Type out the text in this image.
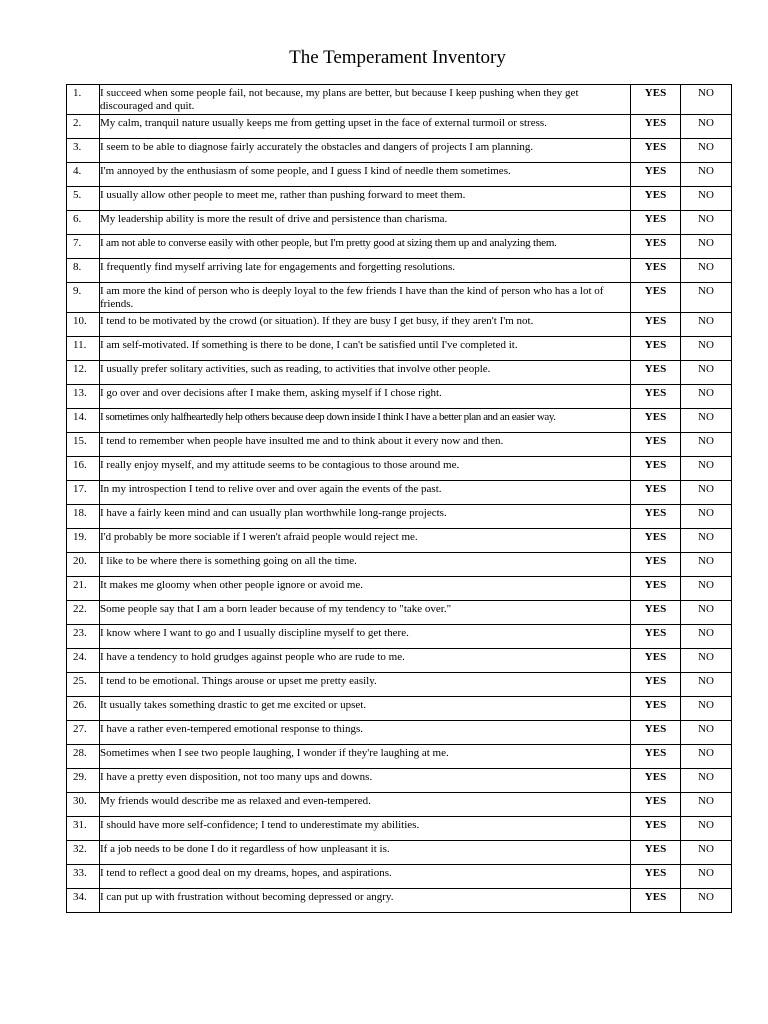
The Temperament Inventory
1.	I succeed when some people fail, not because, my plans are better, but because I keep pushing when they get discouraged and quit.	YES	NO
2.	My calm, tranquil nature usually keeps me from getting upset in the face of external turmoil or stress.	YES	NO
3.	I seem to be able to diagnose fairly accurately the obstacles and dangers of projects I am planning.	YES	NO
4.	I'm annoyed by the enthusiasm of some people, and I guess I kind of needle them sometimes.	YES	NO
5.	I usually allow other people to meet me, rather than pushing forward to meet them.	YES	NO
6.	My leadership ability is more the result of drive and persistence than charisma.	YES	NO
7.	I am not able to converse easily with other people, but I'm pretty good at sizing them up and analyzing them.	YES	NO
8.	I frequently find myself arriving late for engagements and forgetting resolutions.	YES	NO
9.	I am more the kind of person who is deeply loyal to the few friends I have than the kind of person who has a lot of friends.	YES	NO
10.	I tend to be motivated by the crowd (or situation). If they are busy I get busy, if they aren't I'm not.	YES	NO
11.	I am self-motivated. If something is there to be done, I can't be satisfied until I've completed it.	YES	NO
12.	I usually prefer solitary activities, such as reading, to activities that involve other people.	YES	NO
13.	I go over and over decisions after I make them, asking myself if I chose right.	YES	NO
14.	I sometimes only halfheartedly help others because deep down inside I think I have a better plan and an easier way.	YES	NO
15.	I tend to remember when people have insulted me and to think about it every now and then.	YES	NO
16.	I really enjoy myself, and my attitude seems to be contagious to those around me.	YES	NO
17.	In my introspection I tend to relive over and over again the events of the past.	YES	NO
18.	I have a fairly keen mind and can usually plan worthwhile long-range projects.	YES	NO
19.	I'd probably be more sociable if I weren't afraid people would reject me.	YES	NO
20.	I like to be where there is something going on all the time.	YES	NO
21.	It makes me gloomy when other people ignore or avoid me.	YES	NO
22.	Some people say that I am a born leader because of my tendency to "take over."	YES	NO
23.	I know where I want to go and I usually discipline myself to get there.	YES	NO
24.	I have a tendency to hold grudges against people who are rude to me.	YES	NO
25.	I tend to be emotional. Things arouse or upset me pretty easily.	YES	NO
26.	It usually takes something drastic to get me excited or upset.	YES	NO
27.	I have a rather even-tempered emotional response to things.	YES	NO
28.	Sometimes when I see two people laughing, I wonder if they're laughing at me.	YES	NO
29.	I have a pretty even disposition, not too many ups and downs.	YES	NO
30.	My friends would describe me as relaxed and even-tempered.	YES	NO
31.	I should have more self-confidence; I tend to underestimate my abilities.	YES	NO
32.	If a job needs to be done I do it regardless of how unpleasant it is.	YES	NO
33.	I tend to reflect a good deal on my dreams, hopes, and aspirations.	YES	NO
34.	I can put up with frustration without becoming depressed or angry.	YES	NO
